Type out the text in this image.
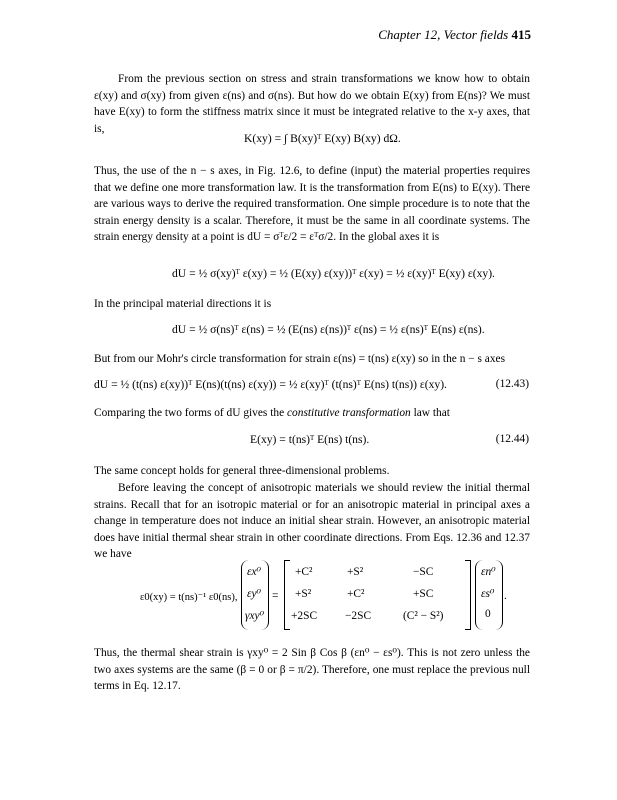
Chapter 12, Vector fields 415

From the previous section on stress and strain transformations we know how to obtain ε(xy) and σ(xy) from given ε(ns) and σ(ns). But how do we obtain E(xy) from E(ns)? We must have E(xy) to form the stiffness matrix since it must be integrated relative to the x-y axes, that is,

K(xy) = ∫ B(xy)ᵀ E(xy) B(xy) dΩ.

Thus, the use of the n − s axes, in Fig. 12.6, to define (input) the material properties requires that we define one more transformation law. It is the transformation from E(ns) to E(xy). There are various ways to derive the required transformation. One simple procedure is to note that the strain energy density is a scalar. Therefore, it must be the same in all coordinate systems. The strain energy density at a point is dU = σᵀε/2 = εᵀσ/2. In the global axes it is

dU = ½ σ(xy)ᵀ ε(xy) = ½ (E(xy) ε(xy))ᵀ ε(xy) = ½ ε(xy)ᵀ E(xy) ε(xy).

In the principal material directions it is

dU = ½ σ(ns)ᵀ ε(ns) = ½ (E(ns) ε(ns))ᵀ ε(ns) = ½ ε(ns)ᵀ E(ns) ε(ns).

But from our Mohr's circle transformation for strain ε(ns) = t(ns) ε(xy) so in the n − s axes

dU = ½ (t(ns) ε(xy))ᵀ E(ns)(t(ns) ε(xy)) = ½ ε(xy)ᵀ (t(ns)ᵀ E(ns) t(ns)) ε(xy).	(12.43)

Comparing the two forms of dU gives the constitutive transformation law that

E(xy) = t(ns)ᵀ E(ns) t(ns).	(12.44)

The same concept holds for general three-dimensional problems.

Before leaving the concept of anisotropic materials we should review the initial thermal strains. Recall that for an isotropic material or for an anisotropic material in principal axes a change in temperature does not induce an initial shear strain. However, an anisotropic material does have initial thermal shear strain in other coordinate directions. From Eqs. 12.36 and 12.37 we have

ε0(xy) = t(ns)⁻¹ ε0(ns),
εx⁰
εy⁰
γxy⁰
=
+C²	+S²	−SC
+S²	+C²	+SC
+2SC −2SC	(C² − S²)
εn⁰
εs⁰
0
.

Thus, the thermal shear strain is γxy⁰ = 2 Sin β Cos β (εn⁰ − εs⁰). This is not zero unless the two axes systems are the same (β = 0 or β = π/2). Therefore, one must replace the previous null terms in Eq. 12.17.
